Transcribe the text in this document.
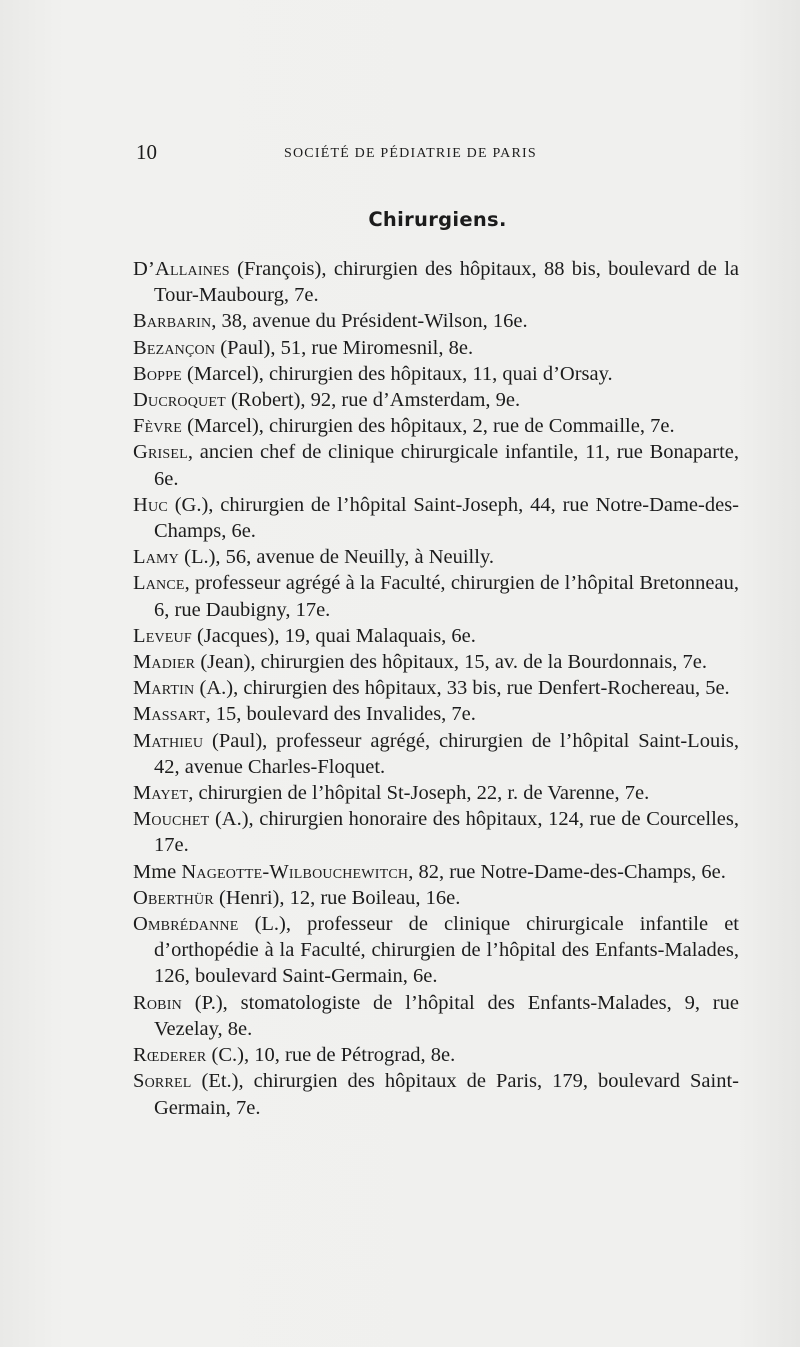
10	SOCIÉTÉ DE PÉDIATRIE DE PARIS
Chirurgiens.

D’Allaines (François), chirurgien des hôpitaux, 88 bis, boulevard de la Tour-Maubourg, 7e.

Barbarin, 38, avenue du Président-Wilson, 16e.

Bezançon (Paul), 51, rue Miromesnil, 8e.

Boppe (Marcel), chirurgien des hôpitaux, 11, quai d’Orsay.

Ducroquet (Robert), 92, rue d’Amsterdam, 9e.

Fèvre (Marcel), chirurgien des hôpitaux, 2, rue de Commaille, 7e.

Grisel, ancien chef de clinique chirurgicale infantile, 11, rue Bonaparte, 6e.

Huc (G.), chirurgien de l’hôpital Saint-Joseph, 44, rue Notre-Dame-des-Champs, 6e.

Lamy (L.), 56, avenue de Neuilly, à Neuilly.

Lance, professeur agrégé à la Faculté, chirurgien de l’hôpital Bretonneau, 6, rue Daubigny, 17e.

Leveuf (Jacques), 19, quai Malaquais, 6e.

Madier (Jean), chirurgien des hôpitaux, 15, av. de la Bourdonnais, 7e.

Martin (A.), chirurgien des hôpitaux, 33 bis, rue Denfert-Rochereau, 5e.

Massart, 15, boulevard des Invalides, 7e.

Mathieu (Paul), professeur agrégé, chirurgien de l’hôpital Saint-Louis, 42, avenue Charles-Floquet.

Mayet, chirurgien de l’hôpital St-Joseph, 22, r. de Varenne, 7e.

Mouchet (A.), chirurgien honoraire des hôpitaux, 124, rue de Courcelles, 17e.

Mme Nageotte-Wilbouchewitch, 82, rue Notre-Dame-des-Champs, 6e.

Oberthür (Henri), 12, rue Boileau, 16e.

Ombrédanne (L.), professeur de clinique chirurgicale infantile et d’orthopédie à la Faculté, chirurgien de l’hôpital des Enfants-Malades, 126, boulevard Saint-Germain, 6e.

Robin (P.), stomatologiste de l’hôpital des Enfants-Malades, 9, rue Vezelay, 8e.

Rœderer (C.), 10, rue de Pétrograd, 8e.

Sorrel (Et.), chirurgien des hôpitaux de Paris, 179, boulevard Saint-Germain, 7e.
